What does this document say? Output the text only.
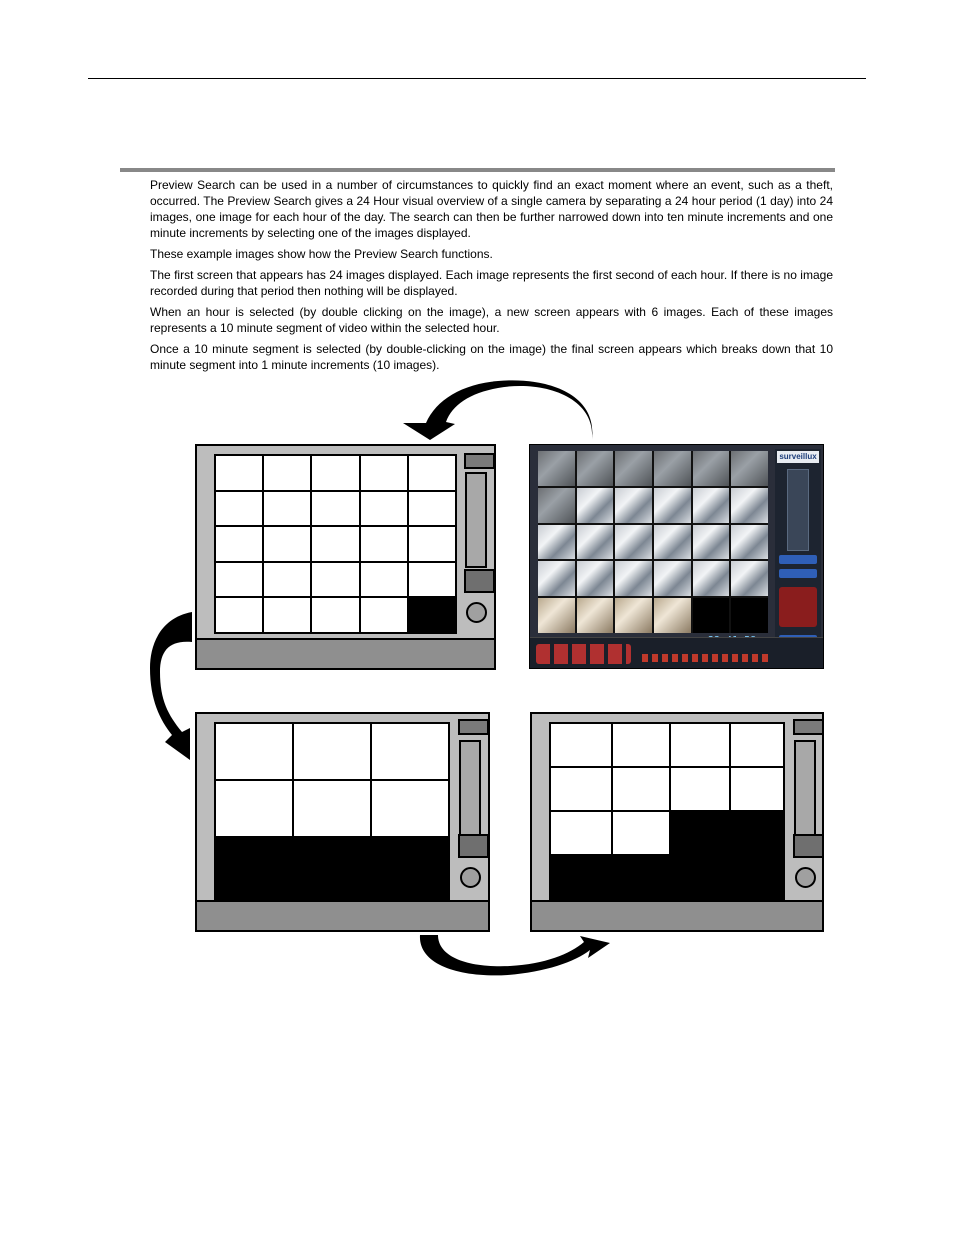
Preview Search can be used in a number of circumstances to quickly find an exact moment where an event, such as a theft, occurred. The Preview Search gives a 24 Hour visual overview of a single camera by separating a 24 hour period (1 day) into 24 images, one image for each hour of the day. The search can then be further narrowed down into ten minute increments and one minute increments by selecting one of the images displayed.

These example images show how the Preview Search functions.

The first screen that appears has 24 images displayed. Each image represents the first second of each hour. If there is no image recorded during that period then nothing will be displayed.

When an hour is selected (by double clicking on the image), a new screen appears with 6 images. Each of these images represents a 10 minute segment of video within the selected hour.

Once a 10 minute segment is selected (by double-clicking on the image) the final screen appears which breaks down that 10 minute segment into 1 minute increments (10 images).

surveillux
